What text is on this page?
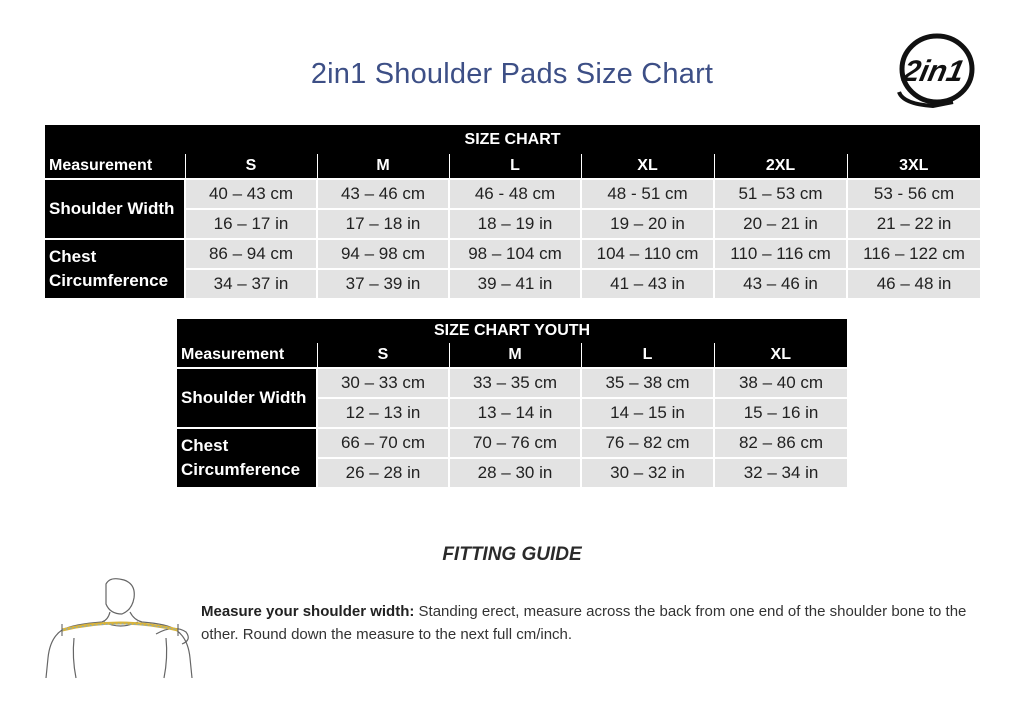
2in1 Shoulder Pads Size Chart	2in1
SIZE CHART						
Measurement	S	M	L	XL	2XL	3XL
Shoulder Width	40 – 43 cm	43 – 46 cm	46 - 48 cm	48 - 51 cm	51 – 53 cm	53 - 56 cm
	16 – 17 in	17 – 18 in	18 – 19 in	19 – 20 in	20 – 21 in	21 – 22 in
Chest
Circumference	86 – 94 cm	94 – 98 cm	98 – 104 cm	104 – 110 cm	110 – 116 cm	116 – 122 cm
	34 – 37 in	37 – 39 in	39 – 41 in	41 – 43 in	43 – 46 in	46 – 48 in
SIZE CHART YOUTH				
Measurement	S	M	L	XL
Shoulder Width	30 – 33 cm	33 – 35 cm	35 – 38 cm	38 – 40 cm
	12 – 13 in	13 – 14 in	14 – 15 in	15 – 16 in
Chest
Circumference	66 – 70 cm	70 – 76 cm	76 – 82 cm	82 – 86 cm
	26 – 28 in	28 – 30 in	30 – 32 in	32 – 34 in
FITTING GUIDE
Measure your shoulder width: Standing erect, measure across the back from one end of the shoulder bone to the other. Round down the measure to the next full cm/inch.
